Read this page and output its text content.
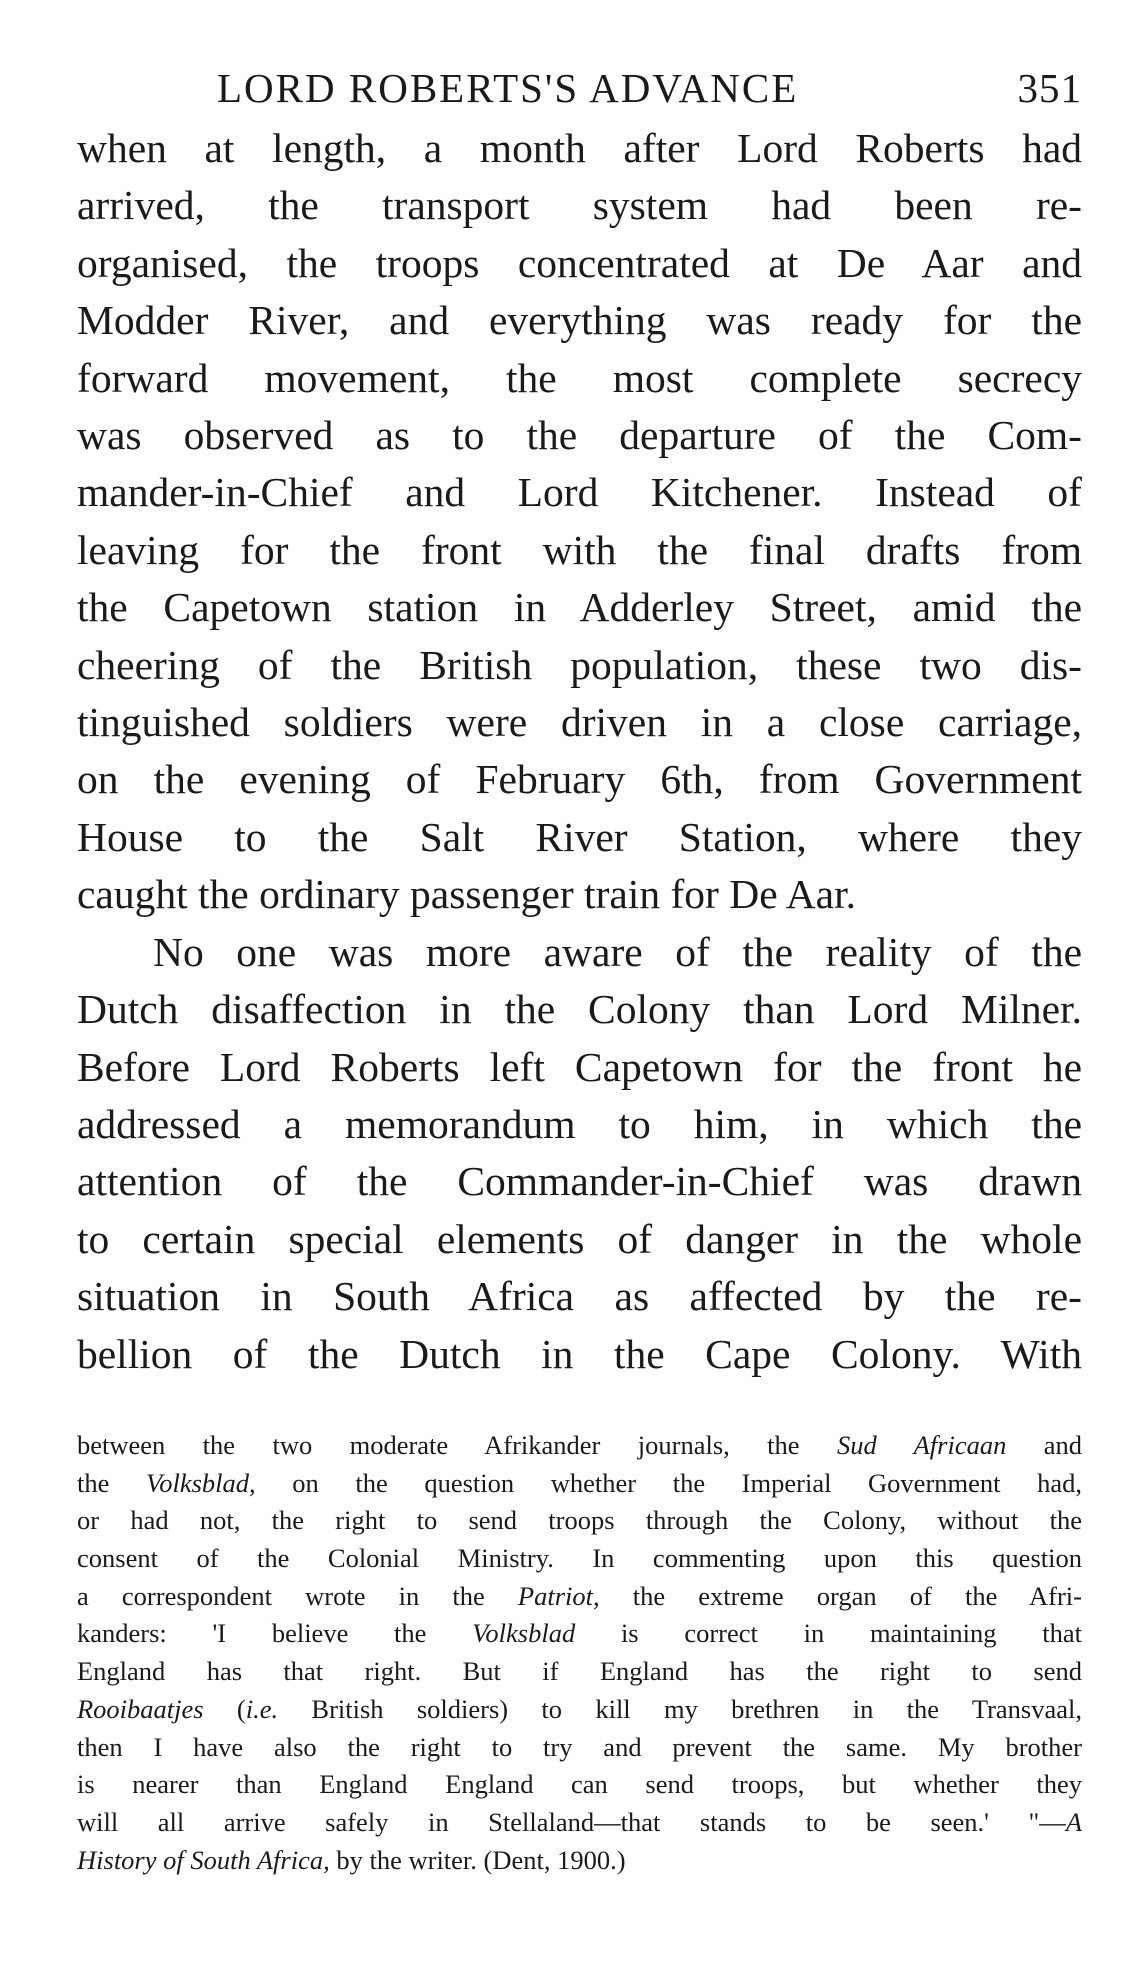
LORD ROBERTS'S ADVANCE	351
when at length, a month after Lord Roberts had
arrived, the transport system had been re-
organised, the troops concentrated at De Aar and
Modder River, and everything was ready for the
forward movement, the most complete secrecy
was observed as to the departure of the Com-
mander-in-Chief and Lord Kitchener. Instead of
leaving for the front with the final drafts from
the Capetown station in Adderley Street, amid the
cheering of the British population, these two dis-
tinguished soldiers were driven in a close carriage,
on the evening of February 6th, from Government
House to the Salt River Station, where they
caught the ordinary passenger train for De Aar.
No one was more aware of the reality of the
Dutch disaffection in the Colony than Lord Milner.
Before Lord Roberts left Capetown for the front he
addressed a memorandum to him, in which the
attention of the Commander-in-Chief was drawn
to certain special elements of danger in the whole
situation in South Africa as affected by the re-
bellion of the Dutch in the Cape Colony. With
between the two moderate Afrikander journals, the Sud Africaan and
the Volksblad, on the question whether the Imperial Government had,
or had not, the right to send troops through the Colony, without the
consent of the Colonial Ministry. In commenting upon this question
a correspondent wrote in the Patriot, the extreme organ of the Afri-
kanders: 'I believe the Volksblad is correct in maintaining that
England has that right. But if England has the right to send
Rooibaatjes (i.e. British soldiers) to kill my brethren in the Transvaal,
then I have also the right to try and prevent the same. My brother
is nearer than England England can send troops, but whether they
will all arrive safely in Stellaland—that stands to be seen.' "—A
History of South Africa, by the writer. (Dent, 1900.)
